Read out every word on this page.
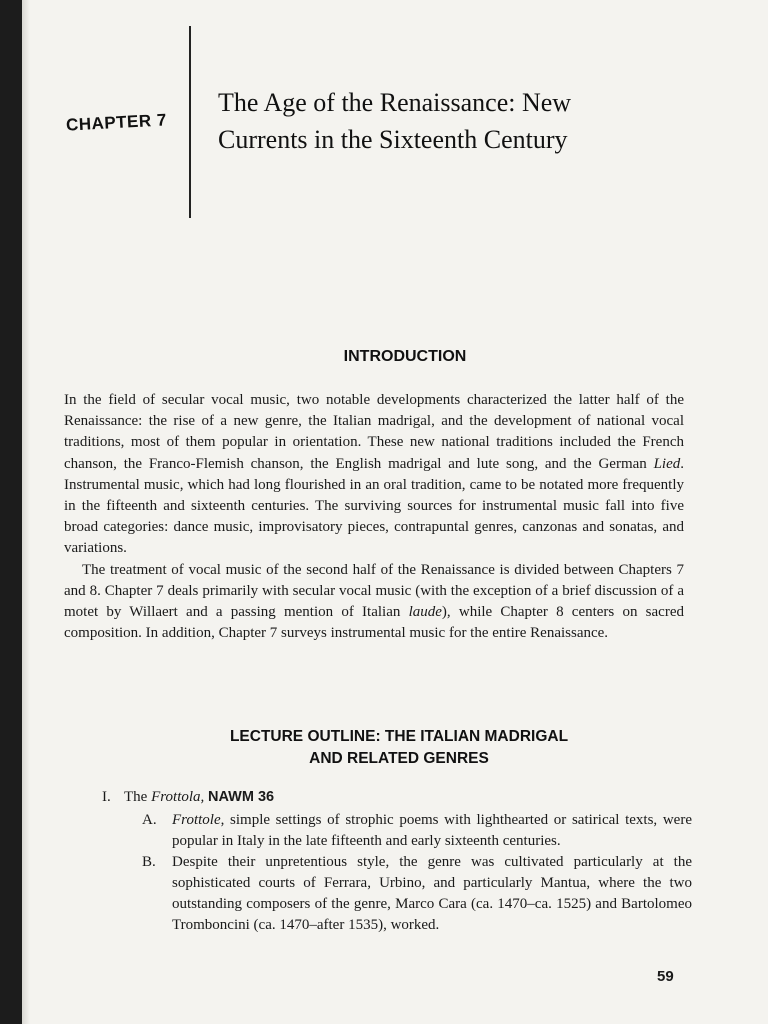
CHAPTER 7
The Age of the Renaissance: New
Currents in the Sixteenth Century
INTRODUCTION

In the field of secular vocal music, two notable developments characterized the latter half of the Renaissance: the rise of a new genre, the Italian madrigal, and the development of national vocal traditions, most of them popular in orientation. These new national traditions included the French chanson, the Franco-Flemish chanson, the English madrigal and lute song, and the German Lied. Instrumental music, which had long flourished in an oral tradition, came to be notated more frequently in the fifteenth and sixteenth centuries. The surviving sources for instrumental music fall into five broad categories: dance music, improvisatory pieces, contrapuntal genres, canzonas and sonatas, and variations.

The treatment of vocal music of the second half of the Renaissance is divided between Chapters 7 and 8. Chapter 7 deals primarily with secular vocal music (with the exception of a brief discussion of a motet by Willaert and a passing mention of Italian laude), while Chapter 8 centers on sacred composition. In addition, Chapter 7 surveys instrumental music for the entire Renaissance.

LECTURE OUTLINE: THE ITALIAN MADRIGAL
AND RELATED GENRES
I. The Frottola, NAWM 36
A. Frottole, simple settings of strophic poems with lighthearted or satirical texts, were popular in Italy in the late fifteenth and early sixteenth centuries.
B. Despite their unpretentious style, the genre was cultivated particularly at the sophisticated courts of Ferrara, Urbino, and particularly Mantua, where the two outstanding composers of the genre, Marco Cara (ca. 1470–ca. 1525) and Bartolomeo Tromboncini (ca. 1470–after 1535), worked.
59
